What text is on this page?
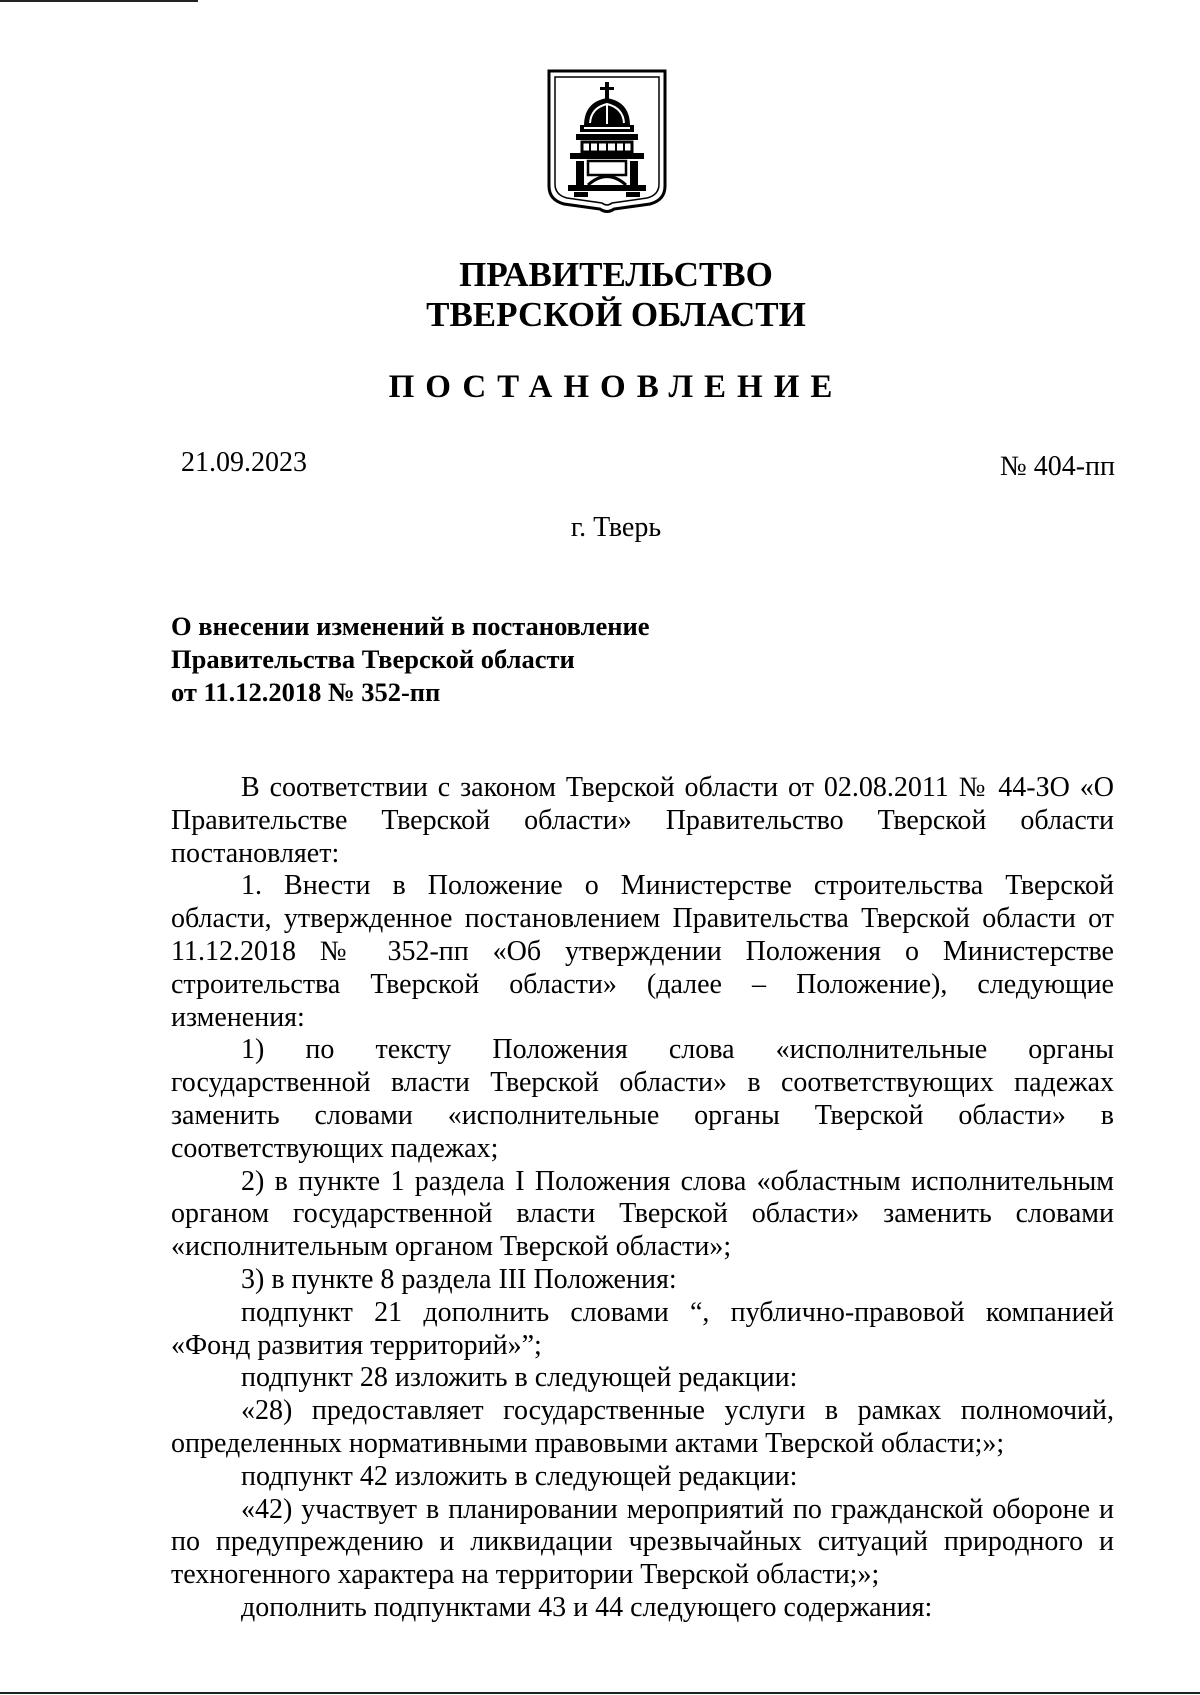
ПРАВИТЕЛЬСТВО
ТВЕРСКОЙ ОБЛАСТИ
ПОСТАНОВЛЕНИЕ
21.09.2023	№ 404-пп
г. Тверь
О внесении изменений в постановление
Правительства Тверской области
от 11.12.2018 № 352-пп

В соответствии с законом Тверской области от 02.08.2011 № 44-ЗО «О Правительстве Тверской области» Правительство Тверской области постановляет:

1. Внести в Положение о Министерстве строительства Тверской области, утвержденное постановлением Правительства Тверской области от 11.12.2018 № 352-пп «Об утверждении Положения о Министерстве строительства Тверской области» (далее – Положение), следующие изменения:

1) по тексту Положения слова «исполнительные органы государственной власти Тверской области» в соответствующих падежах заменить словами «исполнительные органы Тверской области» в соответствующих падежах;

2) в пункте 1 раздела I Положения слова «областным исполнительным органом государственной власти Тверской области» заменить словами «исполнительным органом Тверской области»;

3) в пункте 8 раздела III Положения:

подпункт 21 дополнить словами “, публично-правовой компанией «Фонд развития территорий»”;

подпункт 28 изложить в следующей редакции:

«28) предоставляет государственные услуги в рамках полномочий, определенных нормативными правовыми актами Тверской области;»;

подпункт 42 изложить в следующей редакции:

«42) участвует в планировании мероприятий по гражданской обороне и по предупреждению и ликвидации чрезвычайных ситуаций природного и техногенного характера на территории Тверской области;»;

дополнить подпунктами 43 и 44 следующего содержания:
